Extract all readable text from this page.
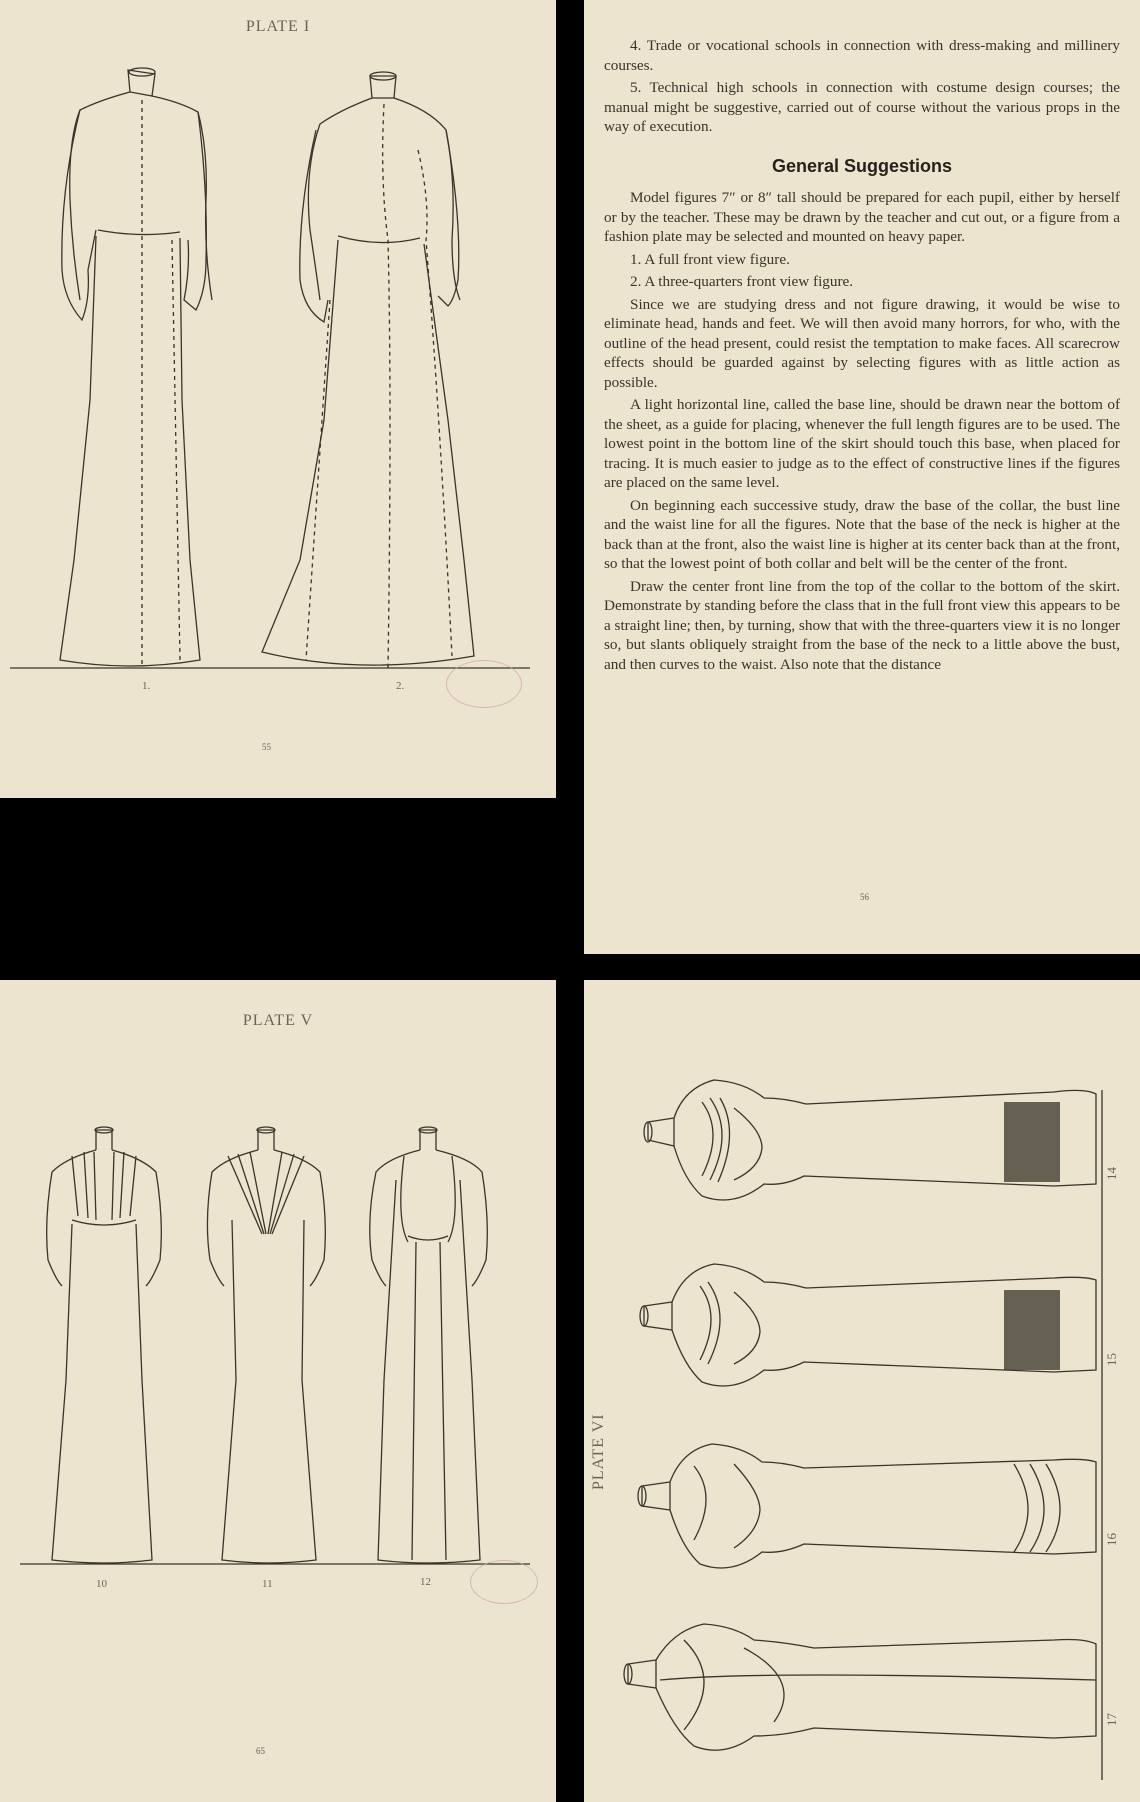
PLATE I
1.	2.
55

4. Trade or vocational schools in connection with dress-making and millinery courses.

5. Technical high schools in connection with costume design courses; the manual might be suggestive, carried out of course without the various props in the way of execution.

General Suggestions

Model figures 7″ or 8″ tall should be prepared for each pupil, either by herself or by the teacher. These may be drawn by the teacher and cut out, or a figure from a fashion plate may be selected and mounted on heavy paper.

1. A full front view figure.

2. A three-quarters front view figure.

Since we are studying dress and not figure drawing, it would be wise to eliminate head, hands and feet. We will then avoid many horrors, for who, with the outline of the head present, could resist the temptation to make faces. All scarecrow effects should be guarded against by selecting figures with as little action as possible.

A light horizontal line, called the base line, should be drawn near the bottom of the sheet, as a guide for placing, whenever the full length figures are to be used. The lowest point in the bottom line of the skirt should touch this base, when placed for tracing. It is much easier to judge as to the effect of constructive lines if the figures are placed on the same level.

On beginning each successive study, draw the base of the collar, the bust line and the waist line for all the figures. Note that the base of the neck is higher at the back than at the front, also the waist line is higher at its center back than at the front, so that the lowest point of both collar and belt will be the center of the front.

Draw the center front line from the top of the collar to the bottom of the skirt. Demonstrate by standing before the class that in the full front view this appears to be a straight line; then, by turning, show that with the three-quarters view it is no longer so, but slants obliquely straight from the base of the neck to a little above the bust, and then curves to the waist. Also note that the distance

56
PLATE V
10	11	12
65
PLATE VI
14
15
16
17
